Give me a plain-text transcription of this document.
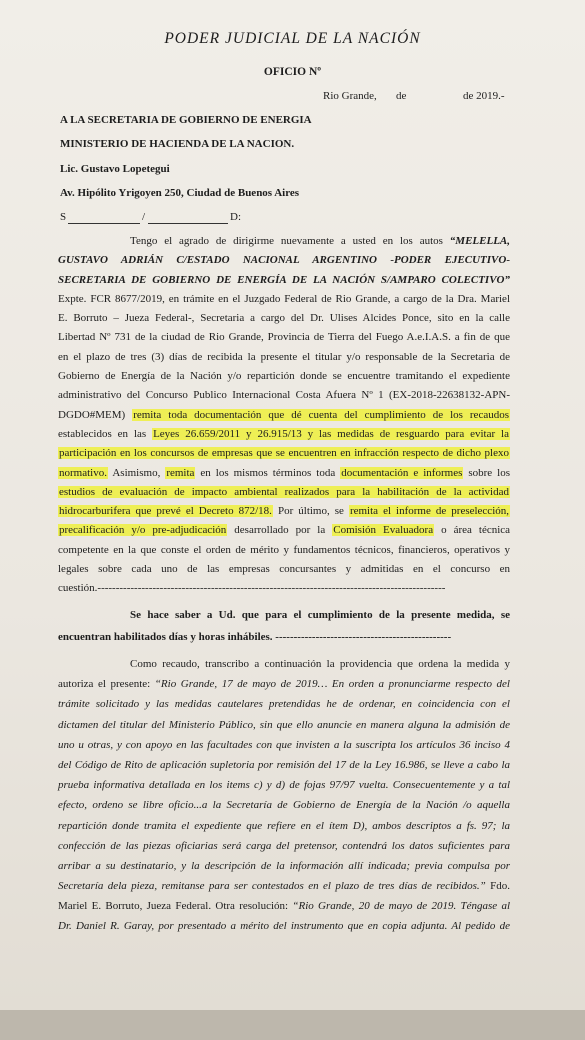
PODER JUDICIAL DE LA NACIÓN

OFICIO Nº

Rio Grande, de	de 2019.-

A LA SECRETARIA DE GOBIERNO DE ENERGIA

MINISTERIO DE HACIENDA DE LA NACION.

Lic. Gustavo Lopetegui

Av. Hipólito Yrigoyen 250, Ciudad de Buenos Aires

S	/	D:
Tengo el agrado de dirigirme nuevamente a usted en los autos “MELELLA,
GUSTAVO ADRIÁN C/ESTADO NACIONAL ARGENTINO -PODER EJECUTIVO-
SECRETARIA DE GOBIERNO DE ENERGÍA DE LA NACIÓN S/AMPARO COLECTIVO”
Expte. FCR 8677/2019, en trámite en el Juzgado Federal de Rio Grande, a cargo de la Dra. Mariel
E. Borruto – Jueza Federal-, Secretaria a cargo del Dr. Ulises Alcides Ponce, sito en la calle
Libertad Nº 731 de la ciudad de Rio Grande, Provincia de Tierra del Fuego A.e.I.A.S. a fin de que
en el plazo de tres (3) días de recibida la presente el titular y/o responsable de la Secretaria de
Gobierno de Energía de la Nación y/o repartición donde se encuentre tramitando el expediente
administrativo del Concurso Publico Internacional Costa Afuera Nº 1 (EX-2018-22638132-APN-
DGDO#MEM) remita toda documentación que dé cuenta del cumplimiento de los recaudos
establecidos en las Leyes 26.659/2011 y 26.915/13 y las medidas de resguardo para evitar la
participación en los concursos de empresas que se encuentren en infracción respecto de dicho plexo
normativo. Asimismo, remita en los mismos términos toda documentación e informes sobre los
estudios de evaluación de impacto ambiental realizados para la habilitación de la actividad
hidrocarburifera que prevé el Decreto 872/18. Por último, se remita el informe de preselección,
precalificación y/o pre-adjudicación desarrollado por la Comisión Evaluadora o área técnica
competente en la que conste el orden de mérito y fundamentos técnicos, financieros, operativos y
legales sobre cada uno de las empresas concursantes y admitidas en el concurso en
cuestión.-----------------------------------------------------------------------------------------------
Se hace saber a Ud. que para el cumplimiento de la presente medida, se
encuentran habilitados días y horas inhábiles. ------------------------------------------------
Como recaudo, transcribo a continuación la providencia que ordena la medida y
autoriza el presente: “Rio Grande, 17 de mayo de 2019… En orden a pronunciarme respecto del
trámite solicitado y las medidas cautelares pretendidas he de ordenar, en coincidencia con el
dictamen del titular del Ministerio Público, sin que ello anuncie en manera alguna la admisión de
uno u otras, y con apoyo en las facultades con que invisten a la suscripta los artículos 36 inciso 4
del Código de Rito de aplicación supletoria por remisión del 17 de la Ley 16.986, se lleve a cabo la
prueba informativa detallada en los items c) y d) de fojas 97/97 vuelta. Consecuentemente y a tal
efecto, ordeno se libre oficio...a la Secretaría de Gobierno de Energía de la Nación /o aquella
repartición donde tramita el expediente que refiere en el ítem D), ambos descriptos a fs. 97; la
confección de las piezas oficiarias será carga del pretensor, contendrá los datos suficientes para
arribar a su destinatario, y la descripción de la información allí indicada; previa compulsa por
Secretaría dela pieza, remitanse para ser contestados en el plazo de tres días de recibidos.” Fdo.
Mariel E. Borruto, Jueza Federal. Otra resolución: “Rio Grande, 20 de mayo de 2019. Téngase al
Dr. Daniel R. Garay, por presentado a mérito del instrumento que en copia adjunta. Al pedido de
